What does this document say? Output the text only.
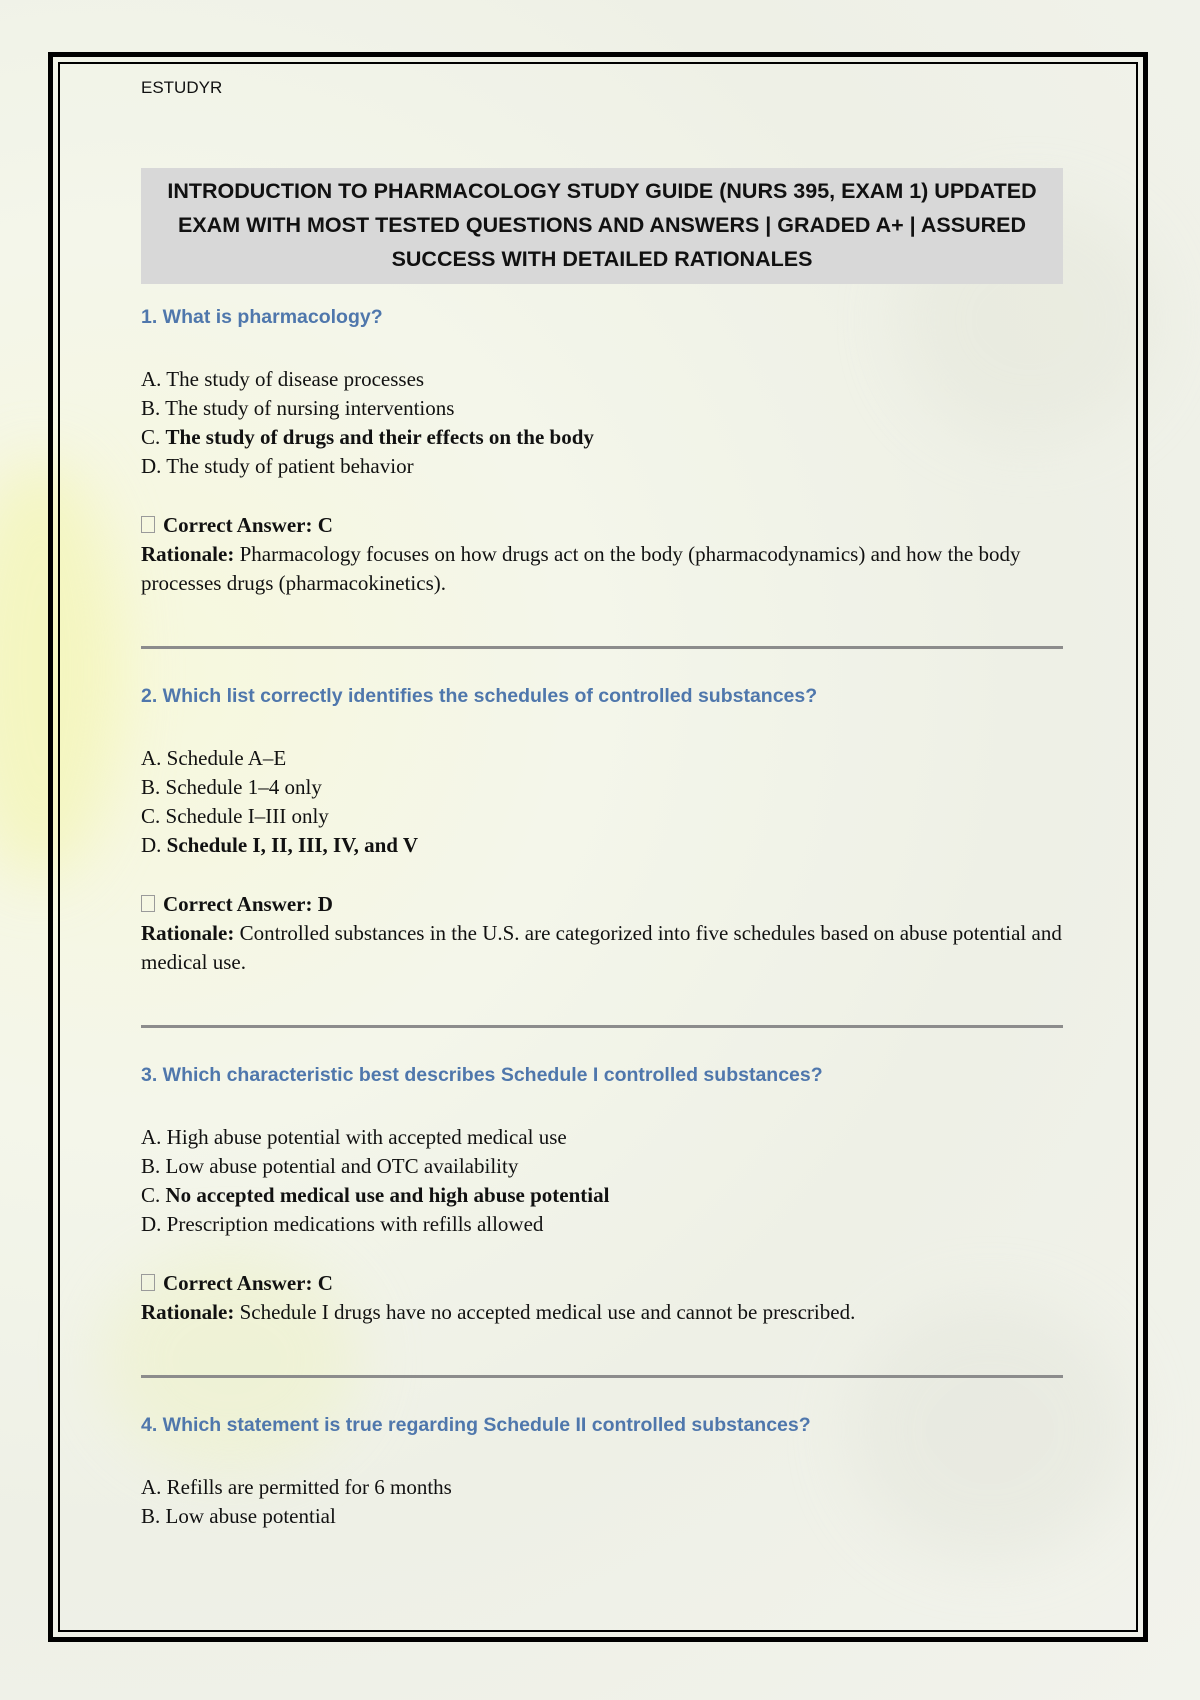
ESTUDYR

INTRODUCTION TO PHARMACOLOGY STUDY GUIDE (NURS 395, EXAM 1) UPDATED EXAM WITH MOST TESTED QUESTIONS AND ANSWERS | GRADED A+ | ASSURED SUCCESS WITH DETAILED RATIONALES

1. What is pharmacology?

A. The study of disease processes
B. The study of nursing interventions
C. The study of drugs and their effects on the body
D. The study of patient behavior
Correct Answer: C
Rationale: Pharmacology focuses on how drugs act on the body (pharmacodynamics) and how the body processes drugs (pharmacokinetics).

2. Which list correctly identifies the schedules of controlled substances?

A. Schedule A–E
B. Schedule 1–4 only
C. Schedule I–III only
D. Schedule I, II, III, IV, and V
Correct Answer: D
Rationale: Controlled substances in the U.S. are categorized into five schedules based on abuse potential and medical use.

3. Which characteristic best describes Schedule I controlled substances?

A. High abuse potential with accepted medical use
B. Low abuse potential and OTC availability
C. No accepted medical use and high abuse potential
D. Prescription medications with refills allowed
Correct Answer: C
Rationale: Schedule I drugs have no accepted medical use and cannot be prescribed.

4. Which statement is true regarding Schedule II controlled substances?

A. Refills are permitted for 6 months
B. Low abuse potential
